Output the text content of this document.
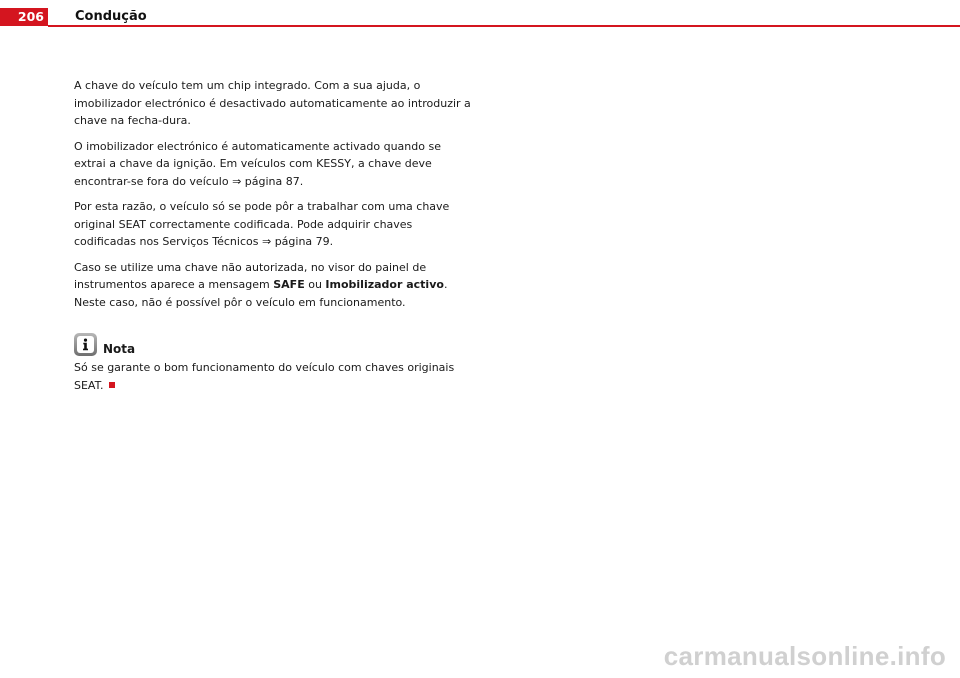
206	Condução

A chave do veículo tem um chip integrado. Com a sua ajuda, o imobilizador electrónico é desactivado automaticamente ao introduzir a chave na fecha-dura.

O imobilizador electrónico é automaticamente activado quando se extrai a chave da ignição. Em veículos com KESSY, a chave deve encontrar-se fora do veículo ⇒ página 87.

Por esta razão, o veículo só se pode pôr a trabalhar com uma chave original SEAT correctamente codificada. Pode adquirir chaves codificadas nos Serviços Técnicos ⇒ página 79.

Caso se utilize uma chave não autorizada, no visor do painel de instrumentos aparece a mensagem SAFE ou Imobilizador activo. Neste caso, não é possível pôr o veículo em funcionamento.

Nota

Só se garante o bom funcionamento do veículo com chaves originais SEAT.

carmanualsonline.info
